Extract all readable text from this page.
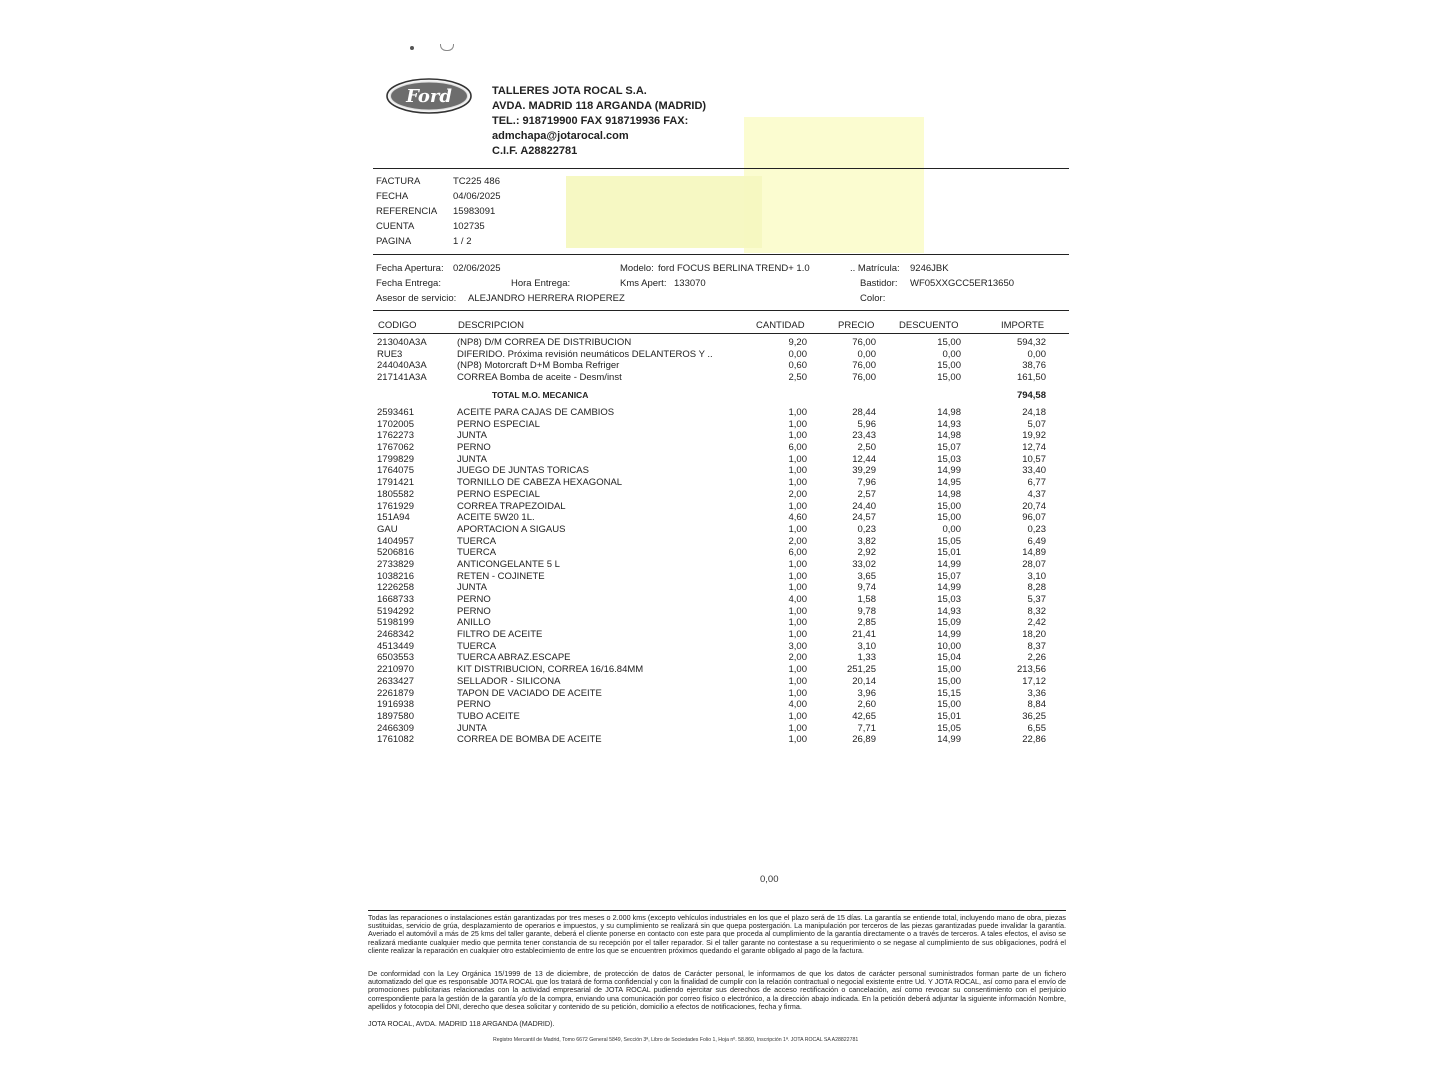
Ford	TALLERES JOTA ROCAL S.A.
AVDA. MADRID 118 ARGANDA (MADRID)
TEL.: 918719900 FAX 918719936 FAX:
admchapa@jotarocal.com
C.I.F. A28822781
FACTURA	TC225 486
FECHA	04/06/2025
REFERENCIA 15983091
CUENTA	102735
PAGINA	1 / 2
Fecha Apertura: 02/06/2025	Modelo: ford FOCUS BERLINA TREND+ 1.0	.. Matrícula: 9246JBK
Fecha Entrega:	Hora Entrega:	Kms Apert: 133070	Bastidor: WF05XXGCC5ER13650
Asesor de servicio: ALEJANDRO HERRERA RIOPEREZ	Color:
CODIGO	DESCRIPCION	CANTIDAD	PRECIO	DESCUENTO	IMPORTE
213040A3A	(NP8) D/M CORREA DE DISTRIBUCION	9,20	76,00	15,00	594,32
RUE3	DIFERIDO. Próxima revisión neumáticos DELANTEROS Y ..	0,00	0,00	0,00	0,00
244040A3A	(NP8) Motorcraft D+M Bomba Refriger	0,60	76,00	15,00	38,76
217141A3A	CORREA Bomba de aceite - Desm/inst	2,50	76,00	15,00	161,50
TOTAL M.O. MECANICA	794,58
2593461	ACEITE PARA CAJAS DE CAMBIOS	1,00	28,44	14,98	24,18
1702005	PERNO ESPECIAL	1,00	5,96	14,93	5,07
1762273	JUNTA	1,00	23,43	14,98	19,92
1767062	PERNO	6,00	2,50	15,07	12,74
1799829	JUNTA	1,00	12,44	15,03	10,57
1764075	JUEGO DE JUNTAS TORICAS	1,00	39,29	14,99	33,40
1791421	TORNILLO DE CABEZA HEXAGONAL	1,00	7,96	14,95	6,77
1805582	PERNO ESPECIAL	2,00	2,57	14,98	4,37
1761929	CORREA TRAPEZOIDAL	1,00	24,40	15,00	20,74
151A94	ACEITE 5W20 1L.	4,60	24,57	15,00	96,07
GAU	APORTACION A SIGAUS	1,00	0,23	0,00	0,23
1404957	TUERCA	2,00	3,82	15,05	6,49
5206816	TUERCA	6,00	2,92	15,01	14,89
2733829	ANTICONGELANTE 5 L	1,00	33,02	14,99	28,07
1038216	RETEN - COJINETE	1,00	3,65	15,07	3,10
1226258	JUNTA	1,00	9,74	14,99	8,28
1668733	PERNO	4,00	1,58	15,03	5,37
5194292	PERNO	1,00	9,78	14,93	8,32
5198199	ANILLO	1,00	2,85	15,09	2,42
2468342	FILTRO DE ACEITE	1,00	21,41	14,99	18,20
4513449	TUERCA	3,00	3,10	10,00	8,37
6503553	TUERCA ABRAZ.ESCAPE	2,00	1,33	15,04	2,26
2210970	KIT DISTRIBUCION, CORREA 16/16.84MM	1,00	251,25	15,00	213,56
2633427	SELLADOR - SILICONA	1,00	20,14	15,00	17,12
2261879	TAPON DE VACIADO DE ACEITE	1,00	3,96	15,15	3,36
1916938	PERNO	4,00	2,60	15,00	8,84
1897580	TUBO ACEITE	1,00	42,65	15,01	36,25
2466309	JUNTA	1,00	7,71	15,05	6,55
1761082	CORREA DE BOMBA DE ACEITE	1,00	26,89	14,99	22,86
0,00
Todas las reparaciones o instalaciones están garantizadas por tres meses o 2.000 kms (excepto vehículos industriales en los que el plazo será de 15 días. La garantía se entiende total, incluyendo mano de obra, piezas sustituidas, servicio de grúa, desplazamiento de operarios e impuestos, y su cumplimiento se realizará sin que quepa postergación. La manipulación por terceros de las piezas garantizadas puede invalidar la garantía. Averiado el automóvil a más de 25 kms del taller garante, deberá el cliente ponerse en contacto con este para que proceda al cumplimiento de la garantía directamente o a través de terceros. A tales efectos, el aviso se realizará mediante cualquier medio que permita tener constancia de su recepción por el taller reparador. Si el taller garante no contestase a su requerimiento o se negase al cumplimiento de sus obligaciones, podrá el cliente realizar la reparación en cualquier otro establecimiento de entre los que se encuentren próximos quedando el garante obligado al pago de la factura.
De conformidad con la Ley Orgánica 15/1999 de 13 de diciembre, de protección de datos de Carácter personal, le informamos de que los datos de carácter personal suministrados forman parte de un fichero automatizado del que es responsable JOTA ROCAL que los tratará de forma confidencial y con la finalidad de cumplir con la relación contractual o negocial existente entre Ud. Y JOTA ROCAL, así como para el envío de promociones publicitarias relacionadas con la actividad empresarial de JOTA ROCAL pudiendo ejercitar sus derechos de acceso rectificación o cancelación, así como revocar su consentimiento con el perjuicio correspondiente para la gestión de la garantía y/o de la compra, enviando una comunicación por correo físico o electrónico, a la dirección abajo indicada. En la petición deberá adjuntar la siguiente información Nombre, apellidos y fotocopia del DNI, derecho que desea solicitar y contenido de su petición, domicilio a efectos de notificaciones, fecha y firma.
JOTA ROCAL, AVDA. MADRID 118 ARGANDA (MADRID).
Registro Mercantil de Madrid, Tomo 6672 General 5849, Sección 3ª, Libro de Sociedades Folio 1, Hoja nº. 58.860, Inscripción 1ª. JOTA ROCAL SA A28822781
